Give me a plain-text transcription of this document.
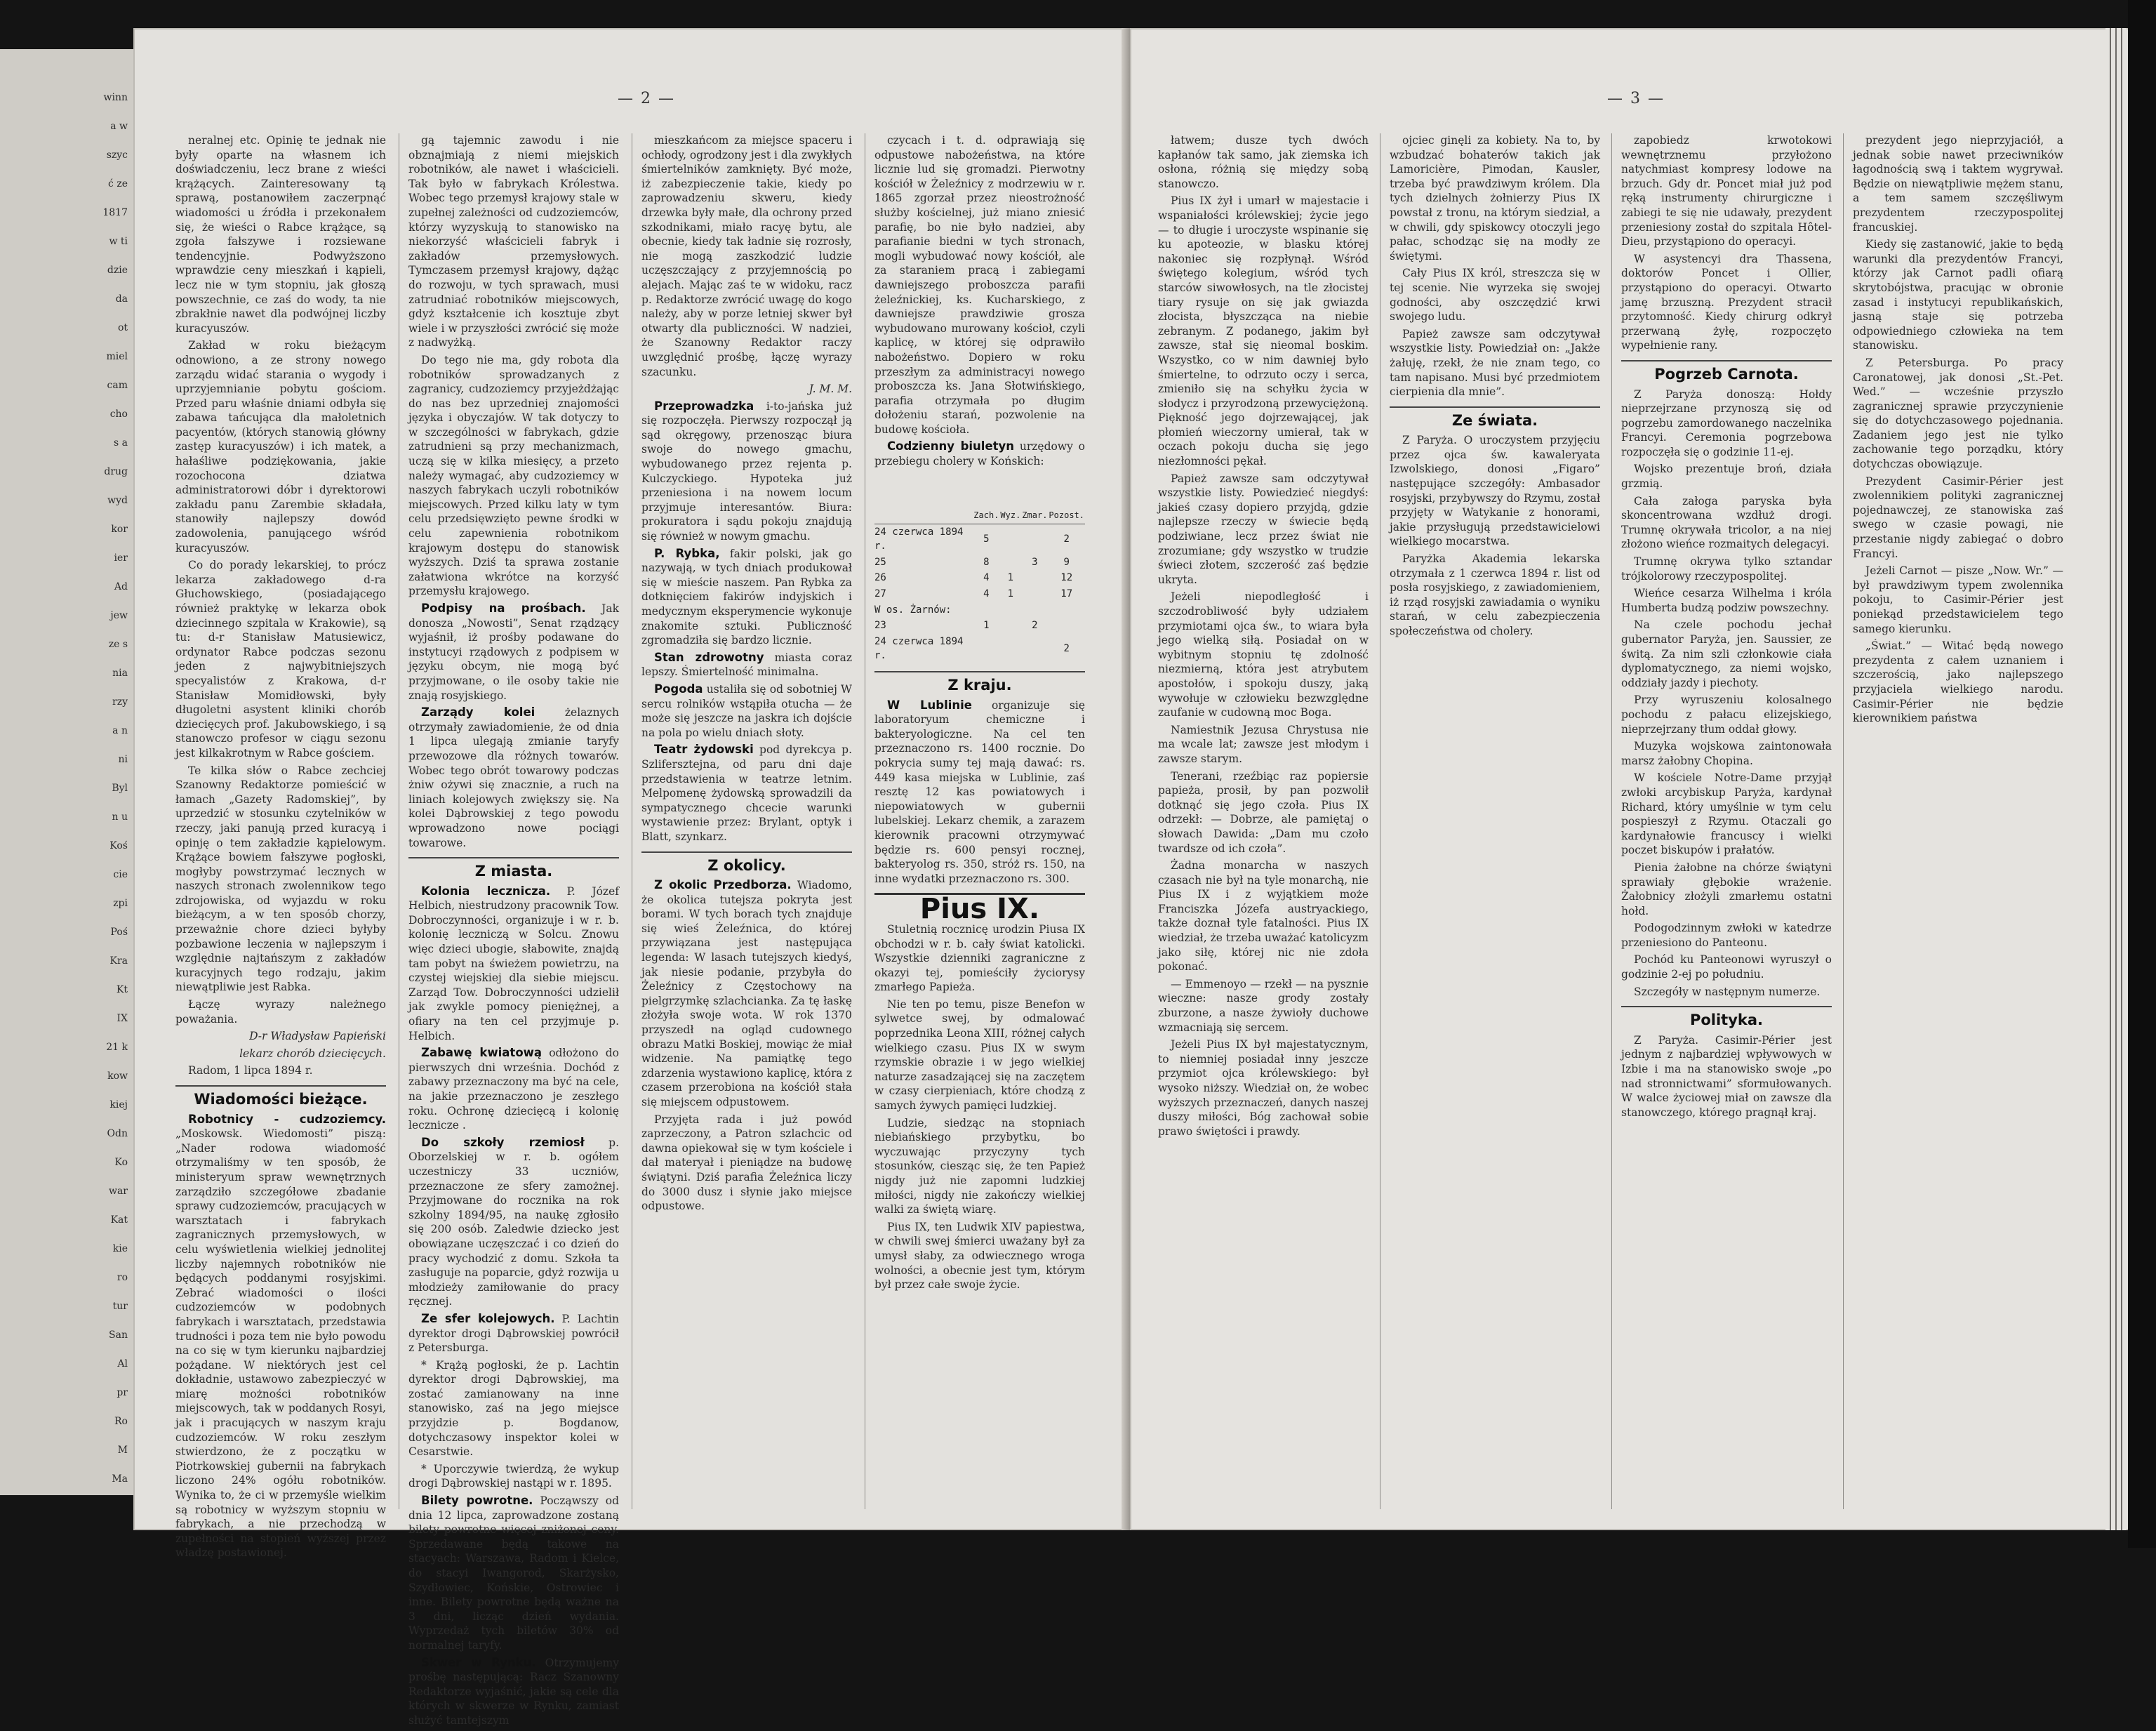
winn
a w
szyc
ć ze
1817
w ti
dzie
da
ot
miel
cam
cho
s a
drug
wyd
kor
ier
Ad
jew
ze s
nia
rzy
a n
ni
Byl
n u
Koś
cie
zpi
Poś
Kra
Kt
IX
21 k
kow
kiej
Odn
Ko
war
Kat
kie
ro
tur
San
Al
pr
Ro
M
Ma
— 2 —

neralnej etc. Opinię te jednak nie były oparte na własnem ich doświadczeniu, lecz brane z wieści krążących. Zainteresowany tą sprawą, postanowiłem zaczerpnąć wiadomości u źródła i przekonałem się, że wieści o Rabce krążące, są zgoła fałszywe i rozsiewane tendencyjnie. Podwyższono wprawdzie ceny mieszkań i kąpieli, lecz nie w tym stopniu, jak głoszą powszechnie, ce zaś do wody, ta nie zbrakłnie nawet dla podwójnej liczby kuracyuszów.

Zakład w roku bieżącym odnowiono, a ze strony nowego zarządu widać starania o wygody i uprzyjemnianie pobytu gościom. Przed paru właśnie dniami odbyła się zabawa tańcująca dla małoletnich pacyentów, (których stanowią główny zastęp kuracyuszów) i ich matek, a hałaśliwe podziękowania, jakie rozochocona dziatwa administratorowi dóbr i dyrektorowi zakładu panu Zarembie składała, stanowiły najlepszy dowód zadowolenia, panującego wśród kuracyuszów.

Co do porady lekarskiej, to prócz lekarza zakładowego d-ra Głuchowskiego, (posiadającego również praktykę w lekarza obok dziecinnego szpitala w Krakowie), są tu: d-r Stanisław Matusiewicz, ordynator Rabce podczas sezonu jeden z najwybitniejszych specyalistów z Krakowa, d-r Stanisław Momidłowski, były długoletni asystent kliniki chorób dziecięcych prof. Jakubowskiego, i są stanowczo profesor w ciągu sezonu jest kilkakrotnym w Rabce gościem.

Te kilka słów o Rabce zechciej Szanowny Redaktorze pomieścić w łamach „Gazety Radomskiej”, by uprzedzić w stosunku czytelników w rzeczy, jaki panują przed kuracyą i opinję o tem zakładzie kąpielowym. Krążące bowiem fałszywe pogłoski, mogłyby powstrzymać lecznych w naszych stronach zwolennikow tego zdrojowiska, od wyjazdu w roku bieżącym, a w ten sposób chorzy, przeważnie chore dzieci byłyby pozbawione leczenia w najlepszym i względnie najtańszym z zakładów kuracyjnych tego rodzaju, jakim niewątpliwie jest Rabka.

Łączę wyrazy należnego poważania.

D-r Władysław Papieński

lekarz chorób dziecięcych.

Radom, 1 lipca 1894 r.

Wiadomości bieżące.

Robotnicy - cudzoziemcy. „Moskowsk. Wiedomosti” piszą: „Nader rodowa wiadomość otrzymaliśmy w ten sposób, że ministeryum spraw wewnętrznych zarządziło szczegółowe zbadanie sprawy cudzoziemców, pracujących w warsztatach i fabrykach zagranicznych przemysłowych, w celu wyświetlenia wielkiej jednolitej liczby najemnych robotników nie będących poddanymi rosyjskimi. Zebrać wiadomości o ilości cudzoziemców w podobnych fabrykach i warsztatach, przedstawia trudności i poza tem nie było powodu na co się w tym kierunku najbardziej pożądane. W niektórych jest cel dokładnie, ustawowo zabezpieczyć w miarę możności robotników miejscowych, tak w poddanych Rosyi, jak i pracujących w naszym kraju cudzoziemców. W roku zeszłym stwierdzono, że z początku w Piotrkowskiej gubernii na fabrykach liczono 24% ogółu robotników. Wynika to, że ci w przemyśle wielkim są robotnicy w wyższym stopniu w fabrykach, a nie przechodzą w zupełności na stopień wyższej przez władzę postawionej.

gą tajemnic zawodu i nie obznajmiają z niemi miejskich robotników, ale nawet i właścicieli. Tak było w fabrykach Królestwa. Wobec tego przemysł krajowy stale w zupełnej zależności od cudzoziemców, którzy wyzyskują to stanowisko na niekorzyść właścicieli fabryk i zakładów przemysłowych. Tymczasem przemysł krajowy, dążąc do rozwoju, w tych sprawach, musi zatrudniać robotników miejscowych, gdyż kształcenie ich kosztuje zbyt wiele i w przyszłości zwrócić się może z nadwyżką.

Do tego nie ma, gdy robota dla robotników sprowadzanych z zagranicy, cudzoziemcy przyjeżdżając do nas bez uprzedniej znajomości języka i obyczajów. W tak dotyczy to w szczególności w fabrykach, gdzie zatrudnieni są przy mechanizmach, uczą się w kilka miesięcy, a przeto należy wymagać, aby cudzoziemcy w naszych fabrykach uczyli robotników miejscowych. Przed kilku laty w tym celu przedsięwzięto pewne środki w celu zapewnienia robotnikom krajowym dostępu do stanowisk wyższych. Dziś ta sprawa zostanie załatwiona wkrótce na korzyść przemysłu krajowego.

Podpisy na prośbach. Jak donosza „Nowosti”, Senat rządzący wyjaśnił, iż prośby podawane do instytucyi rządowych z podpisem w języku obcym, nie mogą być przyjmowane, o ile osoby takie nie znają rosyjskiego.

Zarządy kolei	żelaznych otrzymały zawiadomienie, że od dnia 1 lipca ulegają zmianie taryfy przewozowe dla różnych towarów. Wobec tego obrót towarowy podczas żniw ożywi się znacznie, a ruch na liniach kolejowych zwiększy się. Na kolei Dąbrowskiej z tego powodu wprowadzono nowe pociągi towarowe.

Z miasta.

Kolonia lecznicza. P. Józef Helbich, niestrudzony pracownik Tow. Dobroczynności, organizuje i w r. b. kolonię leczniczą w Solcu. Znowu więc dzieci ubogie, słabowite, znajdą tam pobyt na świeżem powietrzu, na czystej wiejskiej dla siebie miejscu. Zarząd Tow. Dobroczynności udzielił jak zwykle pomocy pieniężnej, a ofiary na ten cel przyjmuje p. Helbich.

Zabawę kwiatową odłożono do pierwszych dni września. Dochód z zabawy przeznaczony ma być na cele, na jakie przeznaczono je zeszłego roku. Ochronę dziecięcą i kolonię lecznicze .

Do szkoły rzemiosł p. Oborzelskiej w r. b. ogółem uczestniczy 33 uczniów, przeznaczone ze sfery zamożnej. Przyjmowane do rocznika na rok szkolny 1894/95, na naukę zgłosiło się 200 osób. Zaledwie dziecko jest obowiązane uczęszczać i co dzień do pracy wychodzić z domu. Szkoła ta zasługuje na poparcie, gdyż rozwija u młodzieży zamiłowanie do pracy ręcznej.

Ze sfer kolejowych. P. Lachtin dyrektor drogi Dąbrowskiej powrócił z Petersburga.

* Krążą pogłoski, że p. Lachtin dyrektor drogi Dąbrowskiej, ma zostać zamianowany na inne stanowisko, zaś na jego miejsce przyjdzie p. Bogdanow, dotychczasowy inspektor kolei w Cesarstwie.

* Uporczywie twierdzą, że wykup drogi Dąbrowskiej nastąpi w r. 1895.

Bilety powrotne. Począwszy od dnia 12 lipca, zaprowadzone zostaną bilety powrotne więcej zniżonej ceny. Sprzedawane będą takowe na stacyach: Warszawa, Radom i Kielce, do stacyi Iwangorod, Skarżysko, Szydłowiec, Końskie, Ostrowiec i inne. Bilety powrotne będą ważne na 3 dni, licząc dzień wydania. Wyprzedaż tych biletów 30% od normalnej taryfy.

Skwer w Rynku. Otrzymujemy prośbę następującą: Racz Szanowny Redaktorze wyjaśnić, jakie są cele dla których w skwerze w Rynku, zamiast służyć tamtejszym

mieszkańcom za miejsce spaceru i ochłody, ogrodzony jest i dla zwykłych śmiertelników zamknięty. Być może, iż zabezpieczenie takie, kiedy po zaprowadzeniu skweru, kiedy drzewka były małe, dla ochrony przed szkodnikami, miało racyę bytu, ale obecnie, kiedy tak ładnie się rozrosły, nie mogą zaszkodzić ludzie uczęszczający z przyjemnością po alejach. Mając zaś te w widoku, racz p. Redaktorze zwrócić uwagę do kogo należy, aby w porze letniej skwer był otwarty dla publiczności. W nadziei, że Szanowny Redaktor raczy uwzględnić prośbę, łączę wyrazy szacunku.

J. M. M.

Przeprowadzka i-to-jańska już się rozpoczęła. Pierwszy rozpoczął ją sąd okręgowy, przenosząc biura swoje do nowego gmachu, wybudowanego przez rejenta p. Kulczyckiego. Hypoteka już przeniesiona i na nowem locum przyjmuje interesantów. Biura: prokuratora i sądu pokoju znajdują się również w nowym gmachu.

P. Rybka, fakir polski, jak go nazywają, w tych dniach produkował się w mieście naszem. Pan Rybka za dotknięciem fakirów indyjskich i medycznym eksperymencie wykonuje znakomite sztuki. Publiczność zgromadziła się bardzo licznie.

Stan zdrowotny miasta coraz lepszy. Śmiertelność minimalna.

Pogoda ustaliła się od sobotniej W sercu rolników wstąpiła otucha — że może się jeszcze na jaskra ich dojście na pola po wielu dniach słoty.

Teatr żydowski pod dyrekcya p. Szlifersztejna, od paru dni daje przedstawienia w teatrze letnim. Melpomenę żydowską sprowadzili da sympatycznego chcecie warunki wystawienie przez: Brylant, optyk i Blatt, szynkarz.

Z okolicy.

Z okolic Przedborza. Wiadomo, że okolica tutejsza pokryta jest borami. W tych borach tych znajduje się wieś Żeleźnica, do której przywiązana jest następująca legenda: W lasach tutejszych kiedyś, jak niesie podanie, przybyła do Żeleźnicy z Częstochowy na pielgrzymkę szlachcianka. Za tę łaskę złożyła swoje wota. W rok 1370 przyszedł na ogląd cudownego obrazu Matki Boskiej, mowiąc że miał widzenie. Na pamiątkę tego zdarzenia wystawiono kaplicę, która z czasem przerobiona na kościół stała się miejscem odpustowem.

Przyjęta rada i już powód zaprzeczony, a Patron szlachcic od dawna opiekował się w tym kościele i dał materyał i pieniądze na budowę świątyni. Dziś parafia Żeleźnica liczy do 3000 dusz i słynie jako miejsce odpustowe.

czycach i t. d. odprawiają się odpustowe nabożeństwa, na które licznie lud się gromadzi. Pierwotny kościół w Żeleźnicy z modrzewiu w r. 1865 zgorzał przez nieostrożność służby kościelnej, już miano zniesić parafię, bo nie było nadziei, aby parafianie biedni w tych stronach, mogli wybudować nowy kościół, ale za staraniem pracą i zabiegami dawniejszego proboszcza parafii żeleźnickiej, ks. Kucharskiego, z dawniejsze prawdziwie grosza wybudowano murowany kościoł, czyli kaplicę, w której się odprawiło nabożeństwo. Dopiero w roku przeszłym za administracyi nowego proboszcza ks. Jana Słotwińskiego, parafia otrzymała po długim dołożeniu starań, pozwolenie na budowę kościoła.

Codzienny biuletyn urzędowy o przebiegu cholery w Końskich:

	Zach.	Wyz.	Zmar.	Pozost.
24 czerwca 1894 r.	5			2
25	8		3	9
26	4	1		12
27	4	1		17
W os. Żarnów:				
23	1		2	
24 czerwca 1894 r.				2
Z kraju.

W Lublinie organizuje się laboratoryum chemiczne i bakteryologiczne. Na cel ten przeznaczono rs. 1400 rocznie. Do pokrycia sumy tej mają dawać: rs. 449 kasa miejska w Lublinie, zaś resztę 12 kas powiatowych i niepowiatowych w gubernii lubelskiej. Lekarz chemik, a zarazem kierownik pracowni otrzymywać będzie rs. 600 pensyi rocznej, bakteryolog rs. 350, stróż rs. 150, na inne wydatki przeznaczono rs. 300.

Pius IX.

Stuletnią rocznicę urodzin Piusa IX obchodzi w r. b. cały świat katolicki. Wszystkie dzienniki zagraniczne z okazyi tej, pomieściły życiorysy zmarłego Papieża.

Nie ten po temu, pisze Benefon w sylwetce swej, by odmalować poprzednika Leona XIII, różnej całych wielkiego czasu. Pius IX w swym rzymskie obrazie i w jego wielkiej naturze zasadzającej się na zaczętem w czasy cierpieniach, które chodzą z samych żywych pamięci ludzkiej.

Ludzie, siedząc na stopniach niebiańskiego przybytku, bo wyczuwając przyczyny tych stosunków, ciesząc się, że ten Papież nigdy już nie zapomni ludzkiej miłości, nigdy nie zakończy wielkiej walki za świętą wiarę.

Pius IX, ten Ludwik XIV papiestwa, w chwili swej śmierci uważany był za umysł słaby, za odwiecznego wroga wolności, a obecnie jest tym, którym był przez całe swoje życie.

— 3 —

łatwem; dusze tych dwóch kapłanów tak samo, jak ziemska ich osłona, różnią się między sobą stanowczo.

Pius IX żył i umarł w majestacie i wspaniałości królewskiej; życie jego — to długie i uroczyste wspinanie się ku apoteozie, w blasku której nakoniec się rozpłynął. Wśród świętego kolegium, wśród tych starców siwowłosych, na tle złocistej tiary rysuje on się jak gwiazda złocista, błyszcząca na niebie zebranym. Z podanego, jakim był zawsze, stał się nieomal boskim. Wszystko, co w nim dawniej było śmiertelne, to odrzuto oczy i serca, zmieniło się na schyłku życia w słodycz i przyrodzoną przewyciężoną. Piękność jego dojrzewającej, jak płomień wieczorny umierał, tak w oczach pokoju ducha się jego niezłomności pękał.

Papież zawsze sam odczytywał wszystkie listy. Powiedzieć niegdyś: jakieś czasy dopiero przyjdą, gdzie najlepsze rzeczy w świecie będą podziwiane, lecz przez świat nie zrozumiane; gdy wszystko w trudzie świeci złotem, szczerość zaś będzie ukryta.

Jeżeli niepodległość i szczodrobliwość były udziałem przymiotami ojca św., to wiara była jego wielką siłą. Posiadał on w wybitnym stopniu tę zdolność niezmierną, która jest atrybutem apostołów, i spokoju duszy, jaką wywołuje w człowieku bezwzględne zaufanie w cudowną moc Boga.

Namiestnik Jezusa Chrystusa nie ma wcale lat; zawsze jest młodym i zawsze starym.

Tenerani, rzeźbiąc raz popiersie papieża, prosił, by pan pozwolił dotknąć się jego czoła. Pius IX odrzekł: — Dobrze, ale pamiętaj o słowach Dawida: „Dam mu czoło twardsze od ich czoła”.

Żadna monarcha w naszych czasach nie był na tyle monarchą, nie Pius IX i z wyjątkiem może Franciszka Józefa austryackiego, także doznał tyle fatalności. Pius IX wiedział, że trzeba uważać katolicyzm jako siłę, której nic nie zdoła pokonać.

— Emmenoyo — rzekł — na pysznie wieczne: nasze grody zostały zburzone, a nasze żywioły duchowe wzmacniają się sercem.

Jeżeli Pius IX był majestatycznym, to niemniej posiadał inny jeszcze przymiot ojca królewskiego: był wysoko niższy. Wiedział on, że wobec wyższych przeznaczeń, danych naszej duszy miłości, Bóg zachował sobie prawo świętości i prawdy.

ojciec ginęli za kobiety. Na to, by wzbudzać bohaterów takich jak Lamoricière, Pimodan, Kausler, trzeba być prawdziwym królem. Dla tych dzielnych żołnierzy Pius IX powstał z tronu, na którym siedział, a w chwili, gdy spiskowcy otoczyli jego pałac, schodząc się na modły ze świętymi.

Cały Pius IX król, streszcza się w tej scenie. Nie wyrzeka się swojej godności, aby oszczędzić krwi swojego ludu.

Papież zawsze sam odczytywał wszystkie listy. Powiedział on: „Jakże żałuję, rzekł, że nie znam tego, co tam napisano. Musi być przedmiotem cierpienia dla mnie”.

Ze świata.

Z Paryża. O uroczystem przyjęciu przez ojca św. kawaleryata Izwolskiego, donosi „Figaro” następujące szczegóły: Ambasador rosyjski, przybywszy do Rzymu, został przyjęty w Watykanie z honorami, jakie przysługują przedstawicielowi wielkiego mocarstwa.

Paryżka Akademia lekarska otrzymała z 1 czerwca 1894 r. list od posła rosyjskiego, z zawiadomieniem, iż rząd rosyjski zawiadamia o wyniku starań, w celu zabezpieczenia społeczeństwa od cholery.

zapobiedz krwotokowi wewnętrznemu przyłożono natychmiast kompresy lodowe na brzuch. Gdy dr. Poncet miał już pod ręką instrumenty chirurgiczne i zabiegi te się nie udawały, prezydent przeniesiony został do szpitala Hôtel-Dieu, przystąpiono do operacyi.

W asystencyi dra Thassena, doktorów Poncet i Ollier, przystąpiono do operacyi. Otwarto jamę brzuszną. Prezydent stracił przytomność. Kiedy chirurg odkrył przerwaną żyłę, rozpoczęto wypełnienie rany.

Pogrzeb Carnota.

Z Paryża donoszą: Hołdy nieprzejrzane przynoszą się od pogrzebu zamordowanego naczelnika Francyi. Ceremonia pogrzebowa rozpoczęła się o godzinie 11-ej.

Wojsko prezentuje broń, działa grzmią.

Cała załoga paryska była skoncentrowana wzdłuż drogi. Trumnę okrywała tricolor, a na niej złożono wieńce rozmaitych delegacyi.

Trumnę okrywa tylko sztandar trójkolorowy rzeczypospolitej.

Wieńce cesarza Wilhelma i króla Humberta budzą podziw powszechny.

Na czele pochodu jechał gubernator Paryża, jen. Saussier, ze świtą. Za nim szli członkowie ciała dyplomatycznego, za niemi wojsko, oddziały jazdy i piechoty.

Przy wyruszeniu kolosalnego pochodu z pałacu elizejskiego, nieprzejrzany tłum oddał głowy.

Muzyka wojskowa zaintonowała marsz żałobny Chopina.

W kościele Notre-Dame przyjął zwłoki arcybiskup Paryża, kardynał Richard, który umyślnie w tym celu pospieszył z Rzymu. Otaczali go kardynałowie francuscy i wielki poczet biskupów i prałatów.

Pienia żałobne na chórze świątyni sprawiały głębokie wrażenie. Żałobnicy złożyli zmarłemu ostatni hołd.

Podogodzinnym zwłoki w katedrze przeniesiono do Panteonu.

Pochód ku Panteonowi wyruszył o godzinie 2-ej po południu.

Szczegóły w następnym numerze.

Polityka.

Z Paryża. Casimir-Périer jest jednym z najbardziej wpływowych w Izbie i ma na stanowisko swoje „po nad stronnictwami” sformułowanych. W walce życiowej miał on zawsze dla stanowczego, którego pragnął kraj.

prezydent jego nieprzyjaciół, a jednak sobie nawet przeciwników łagodnością swą i taktem wygrywał. Będzie on niewątpliwie mężem stanu, a tem samem szczęśliwym prezydentem rzeczypospolitej francuskiej.

Kiedy się zastanowić, jakie to będą warunki dla prezydentów Francyi, którzy jak Carnot padli ofiarą skrytobójstwa, pracując w obronie zasad i instytucyi republikańskich, jasną staje się potrzeba odpowiedniego człowieka na tem stanowisku.

Z Petersburga. Po pracy Caronatowej, jak donosi „St.-Pet. Wed.” — wcześnie przyszło zagranicznej sprawie przyczynienie się do dotychczasowego pojednania. Zadaniem jego jest nie tylko zachowanie tego porządku, który dotychczas obowiązuje.

Prezydent Casimir-Périer jest zwolennikiem polityki zagranicznej pojednawczej, ze stanowiska zaś swego w czasie powagi, nie przestanie nigdy zabiegać o dobro Francyi.

Jeżeli Carnot — pisze „Now. Wr.” — był prawdziwym typem zwolennika pokoju, to Casimir-Périer jest poniekąd przedstawicielem tego samego kierunku.

„Świat.” — Witać będą nowego prezydenta z całem uznaniem i szczerością, jako najlepszego przyjaciela wielkiego narodu. Casimir-Périer nie będzie kierownikiem państwa
